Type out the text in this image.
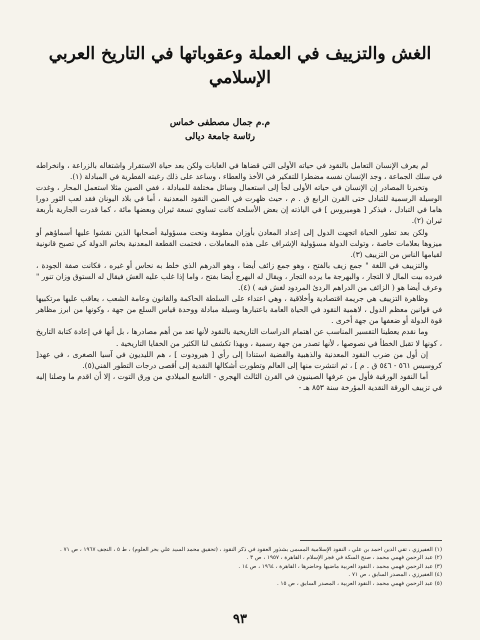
الغش والتزييف في العملة وعقوباتها في التاريخ العربي
الإسلامي
م.م جمال مصطفى خماس
رئاسة جامعة ديالى

لم يعرف الإنسان التعامل بالنقود في حياته الأولى التي قضاها في الغابات ولكن بعد حياة الاستقرار واشتغاله بالزراعة ، وانخراطه في سلك الجماعة ، وجد الإنسان نفسه مضطرا للتفكير في الأخذ والعطاء ، وساعد على ذلك رغبته الفطرية في المبادلة (١).

وتخبرنا المصادر إن الإنسان في حياته الأولى لجأ إلى استعمال وسائل مختلفة للمبادلة ، ففي الصين مثلا استعمل المحار ، وغدت الوسيلة الرسمية للتبادل حتى القرن الرابع ق . م ، حيث ظهرت في الصين النقود المعدنية ، أما في بلاد اليونان فقد لعب الثور دورا هاما في التبادل ، فيذكر [ هوميروس ] في الياذته إن بعض الأسلحة كانت تساوي تسعة ثيران وبعضها مائة ، كما قدرت الجارية بأربعة ثيران (٢).

ولكن بعد تطور الحياة اتجهت الدول إلى إعداد المعادن بأوزان مطومة ونحت مسؤولية أصحابها الذين نقشوا عليها أسماؤهم أو ميزوها بعلامات خاصة ، وتولت الدولة مسؤولية الإشراف على هذه المعاملات ، فختمت القطعة المعدنية بخاتم الدولة كي تصبح قانونية لقيامها الناس من التزييف (٣).

والتزييف في اللغة " جمع زيف بالفتح ، وهو جمع زائف أيضا ، وهو الدرهم الذي خلط به نحاس أو غيره ، فكانت صفة الجودة ، فيرده بيت المال لا التجار ، والبهرجة ما يرده التجار ، ويقال له البهرج أيضا بفتح ، واما إذا غلب عليه الغش فيقال له الستوق وزان تنور " وعرف أيضا هو ( الزائف من الدراهم الردئ المردود لغش فيه ) (٤).

وظاهرة التزييف هي جريمة اقتصادية وأخلاقية ، وهي اعتداء على السلطة الحاكمة والقانون وعامة الشعب ، يعاقب عليها مرتكبيها في قوانين معظم الدول ، لاهمية النقود في الحياة العامة باعتبارها وسيلة مبادلة ووحدة قياس السلع من جهة ، وكونها من ابرز مظاهر قوة الدولة أو ضعفها من جهة أخرى .

وما نقدم يعطينا التفسير المناسب عن اهتمام الدراسات التاريخية بالنقود لأنها تعد من أهم مصادرها ، بل أنها في إعادة كتابة التاريخ ، كونها لا تقبل الخطأ في نصوصها ، لأنها تصدر من جهة رسمية ، وبهذا تكشف لنا الكثير من الخفايا التاريخية .

إن أول من ضرب النقود المعدنية والذهبية والفضية استنادا إلى رأي [ هيرودوت ] ، هم الليديون في آسيا الصغرى ، في عهد[ كروسيس ٥٦١ - ٥٤٦ ق . م ] ، ثم انتشرت منها إلى العالم وتطورت أشكالها النقدية إلى أقصى درجات التطور الفني(٥).

أما النقود الورقية فأول من عرفها الصينيون في القرن الثالث الهجري - التاسع الميلادي من ورق التوت ، إلا أن اقدم ما وصلنا إليه في تزييف الورقة النقدية المؤرخة سنة ٨٥٣ هـ -

(١) الغفيرزي ، تقي الدين احمد بن علي ، النقود الإسلامية المسمى بشذور العقود في ذكر النقود ، (تحقيق محمد السيد علي بحر العلوم) ، ط ٥ ، النجف ١٩٦٧ ، ص ٧١ .
(٢) عبد الرحمن فهمي محمد ، صنج السكة في فجر الإسلام ، القاهرة ، ١٩٥٧ ، ص ٣ .
(٣) عبد الرحمن فهمي محمد ، النقود العربية ماضيها وحاضرها ، القاهرة ، ١٩٦٤ ، ص ١٤ .
(٤) الغفيرزي ، المصدر السابق ، ص ٧١ .
(٥) عبد الرحمن فهمي محمد ، النقود العربية ، المصدر السابق ، ص ١٥ .
٩٣
